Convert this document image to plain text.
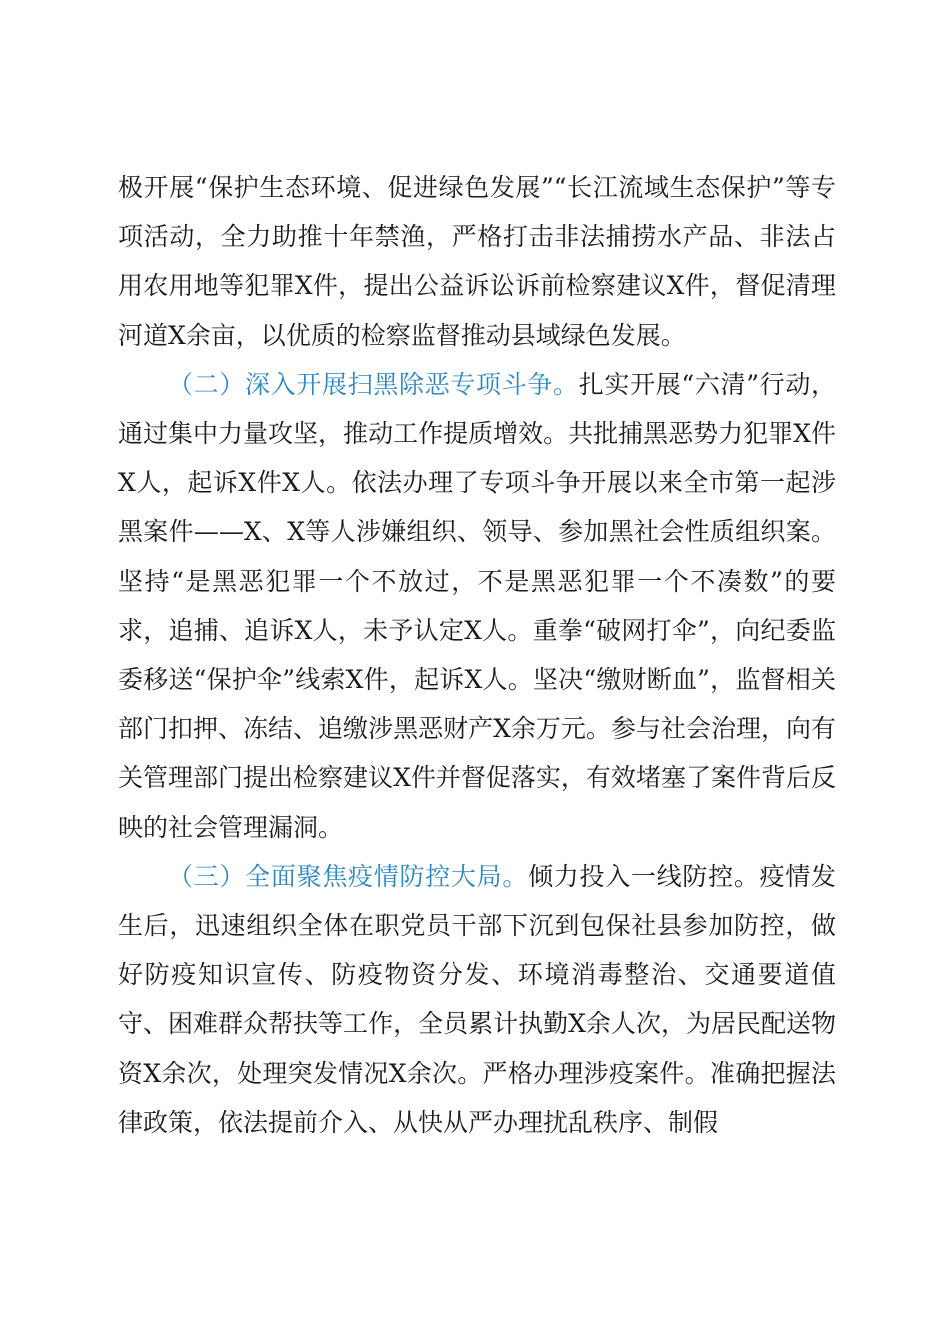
极开展“保护生态环境、促进绿色发展”“长江流域生态保护”等专项活动，全力助推十年禁渔，严格打击非法捕捞水产品、非法占用农用地等犯罪X件，提出公益诉讼诉前检察建议X件，督促清理河道X余亩，以优质的检察监督推动县域绿色发展。

（二）深入开展扫黑除恶专项斗争。扎实开展“六清”行动，通过集中力量攻坚，推动工作提质增效。共批捕黑恶势力犯罪X件X人，起诉X件X人。依法办理了专项斗争开展以来全市第一起涉黑案件——X、X等人涉嫌组织、领导、参加黑社会性质组织案。坚持“是黑恶犯罪一个不放过，不是黑恶犯罪一个不凑数”的要求，追捕、追诉X人，未予认定X人。重拳“破网打伞”，向纪委监委移送“保护伞”线索X件，起诉X人。坚决“缴财断血”，监督相关部门扣押、冻结、追缴涉黑恶财产X余万元。参与社会治理，向有关管理部门提出检察建议X件并督促落实，有效堵塞了案件背后反映的社会管理漏洞。

（三）全面聚焦疫情防控大局。倾力投入一线防控。疫情发生后，迅速组织全体在职党员干部下沉到包保社县参加防控，做好防疫知识宣传、防疫物资分发、环境消毒整治、交通要道值守、困难群众帮扶等工作，全员累计执勤X余人次，为居民配送物资X余次，处理突发情况X余次。严格办理涉疫案件。准确把握法律政策，依法提前介入、从快从严办理扰乱秩序、制假
